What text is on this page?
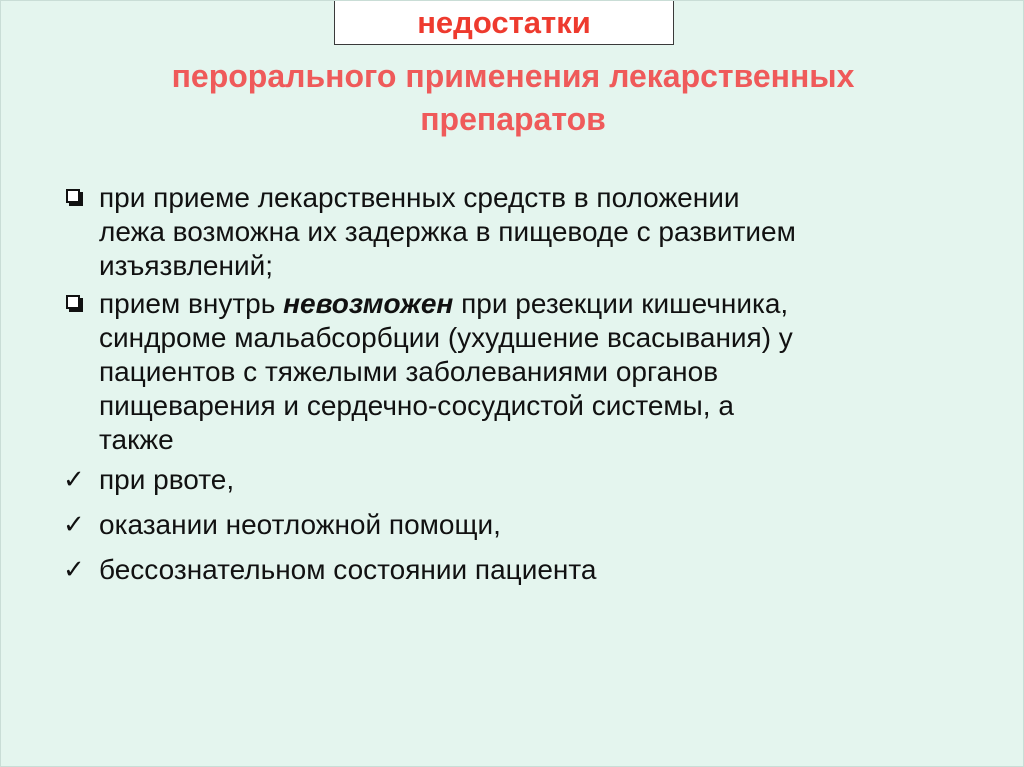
недостатки
перорального применения лекарственных
препаратов
при приеме лекарственных средств в положении
лежа возможна их задержка в пищеводе с развитием
изъязвлений;
прием внутрь невозможен при резекции кишечника,
синдроме мальабсорбции (ухудшение всасывания) у
пациентов с тяжелыми заболеваниями органов
пищеварения и сердечно-сосудистой системы, а
также
✓ при рвоте,
✓ оказании неотложной помощи,
✓ бессознательном состоянии пациента
